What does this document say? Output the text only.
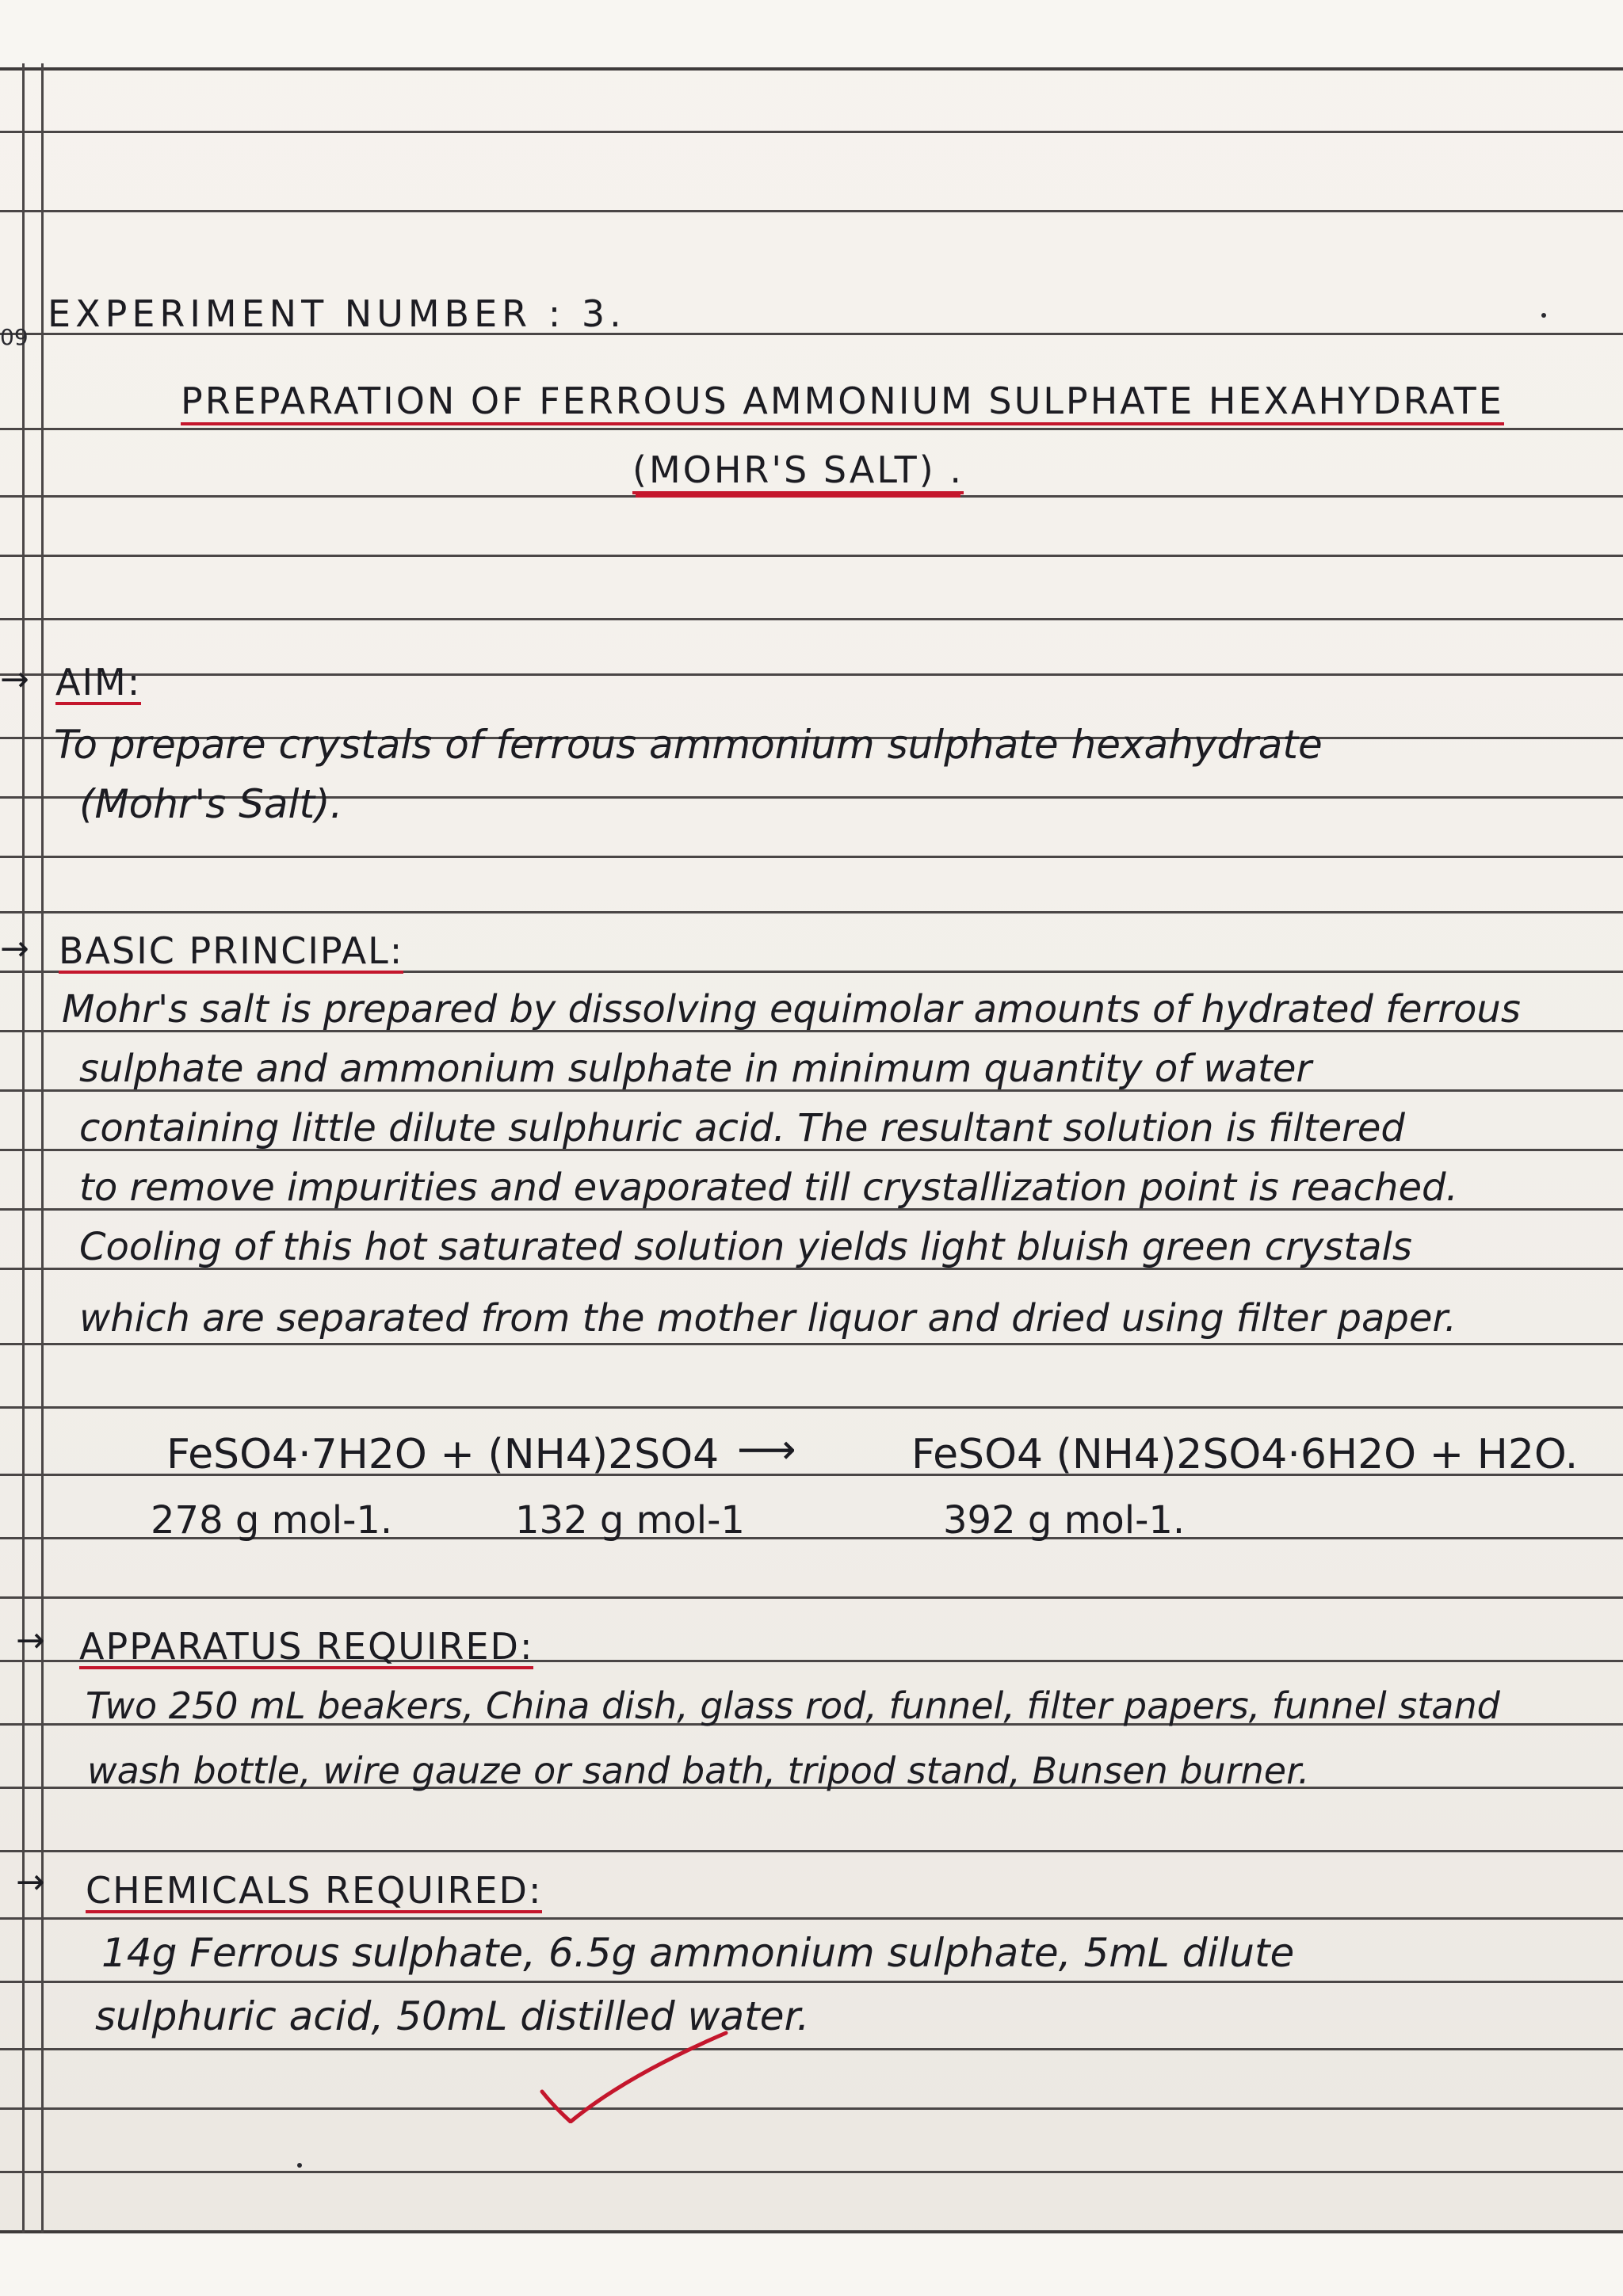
09
EXPERIMENT NUMBER : 3.
PREPARATION OF FERROUS AMMONIUM SULPHATE HEXAHYDRATE
(MOHR'S SALT) .
→ AIM:
To prepare crystals of ferrous ammonium sulphate hexahydrate
(Mohr's Salt).
→ BASIC PRINCIPAL:
Mohr's salt is prepared by dissolving equimolar amounts of hydrated ferrous
sulphate and ammonium sulphate in minimum quantity of water
containing little dilute sulphuric acid. The resultant solution is filtered
to remove impurities and evaporated till crystallization point is reached.
Cooling of this hot saturated solution yields light bluish green crystals
which are separated from the mother liquor and dried using filter paper.
FeSO4·7H2O + (NH4)2SO4 ⟶	FeSO4 (NH4)2SO4·6H2O + H2O.
278 g mol-1.	132 g mol-1	392 g mol-1.
→ APPARATUS REQUIRED:
Two 250 mL beakers, China dish, glass rod, funnel, filter papers, funnel stand
wash bottle, wire gauze or sand bath, tripod stand, Bunsen burner.
→ CHEMICALS REQUIRED:
14g Ferrous sulphate, 6.5g ammonium sulphate, 5mL dilute
sulphuric acid, 50mL distilled water.
